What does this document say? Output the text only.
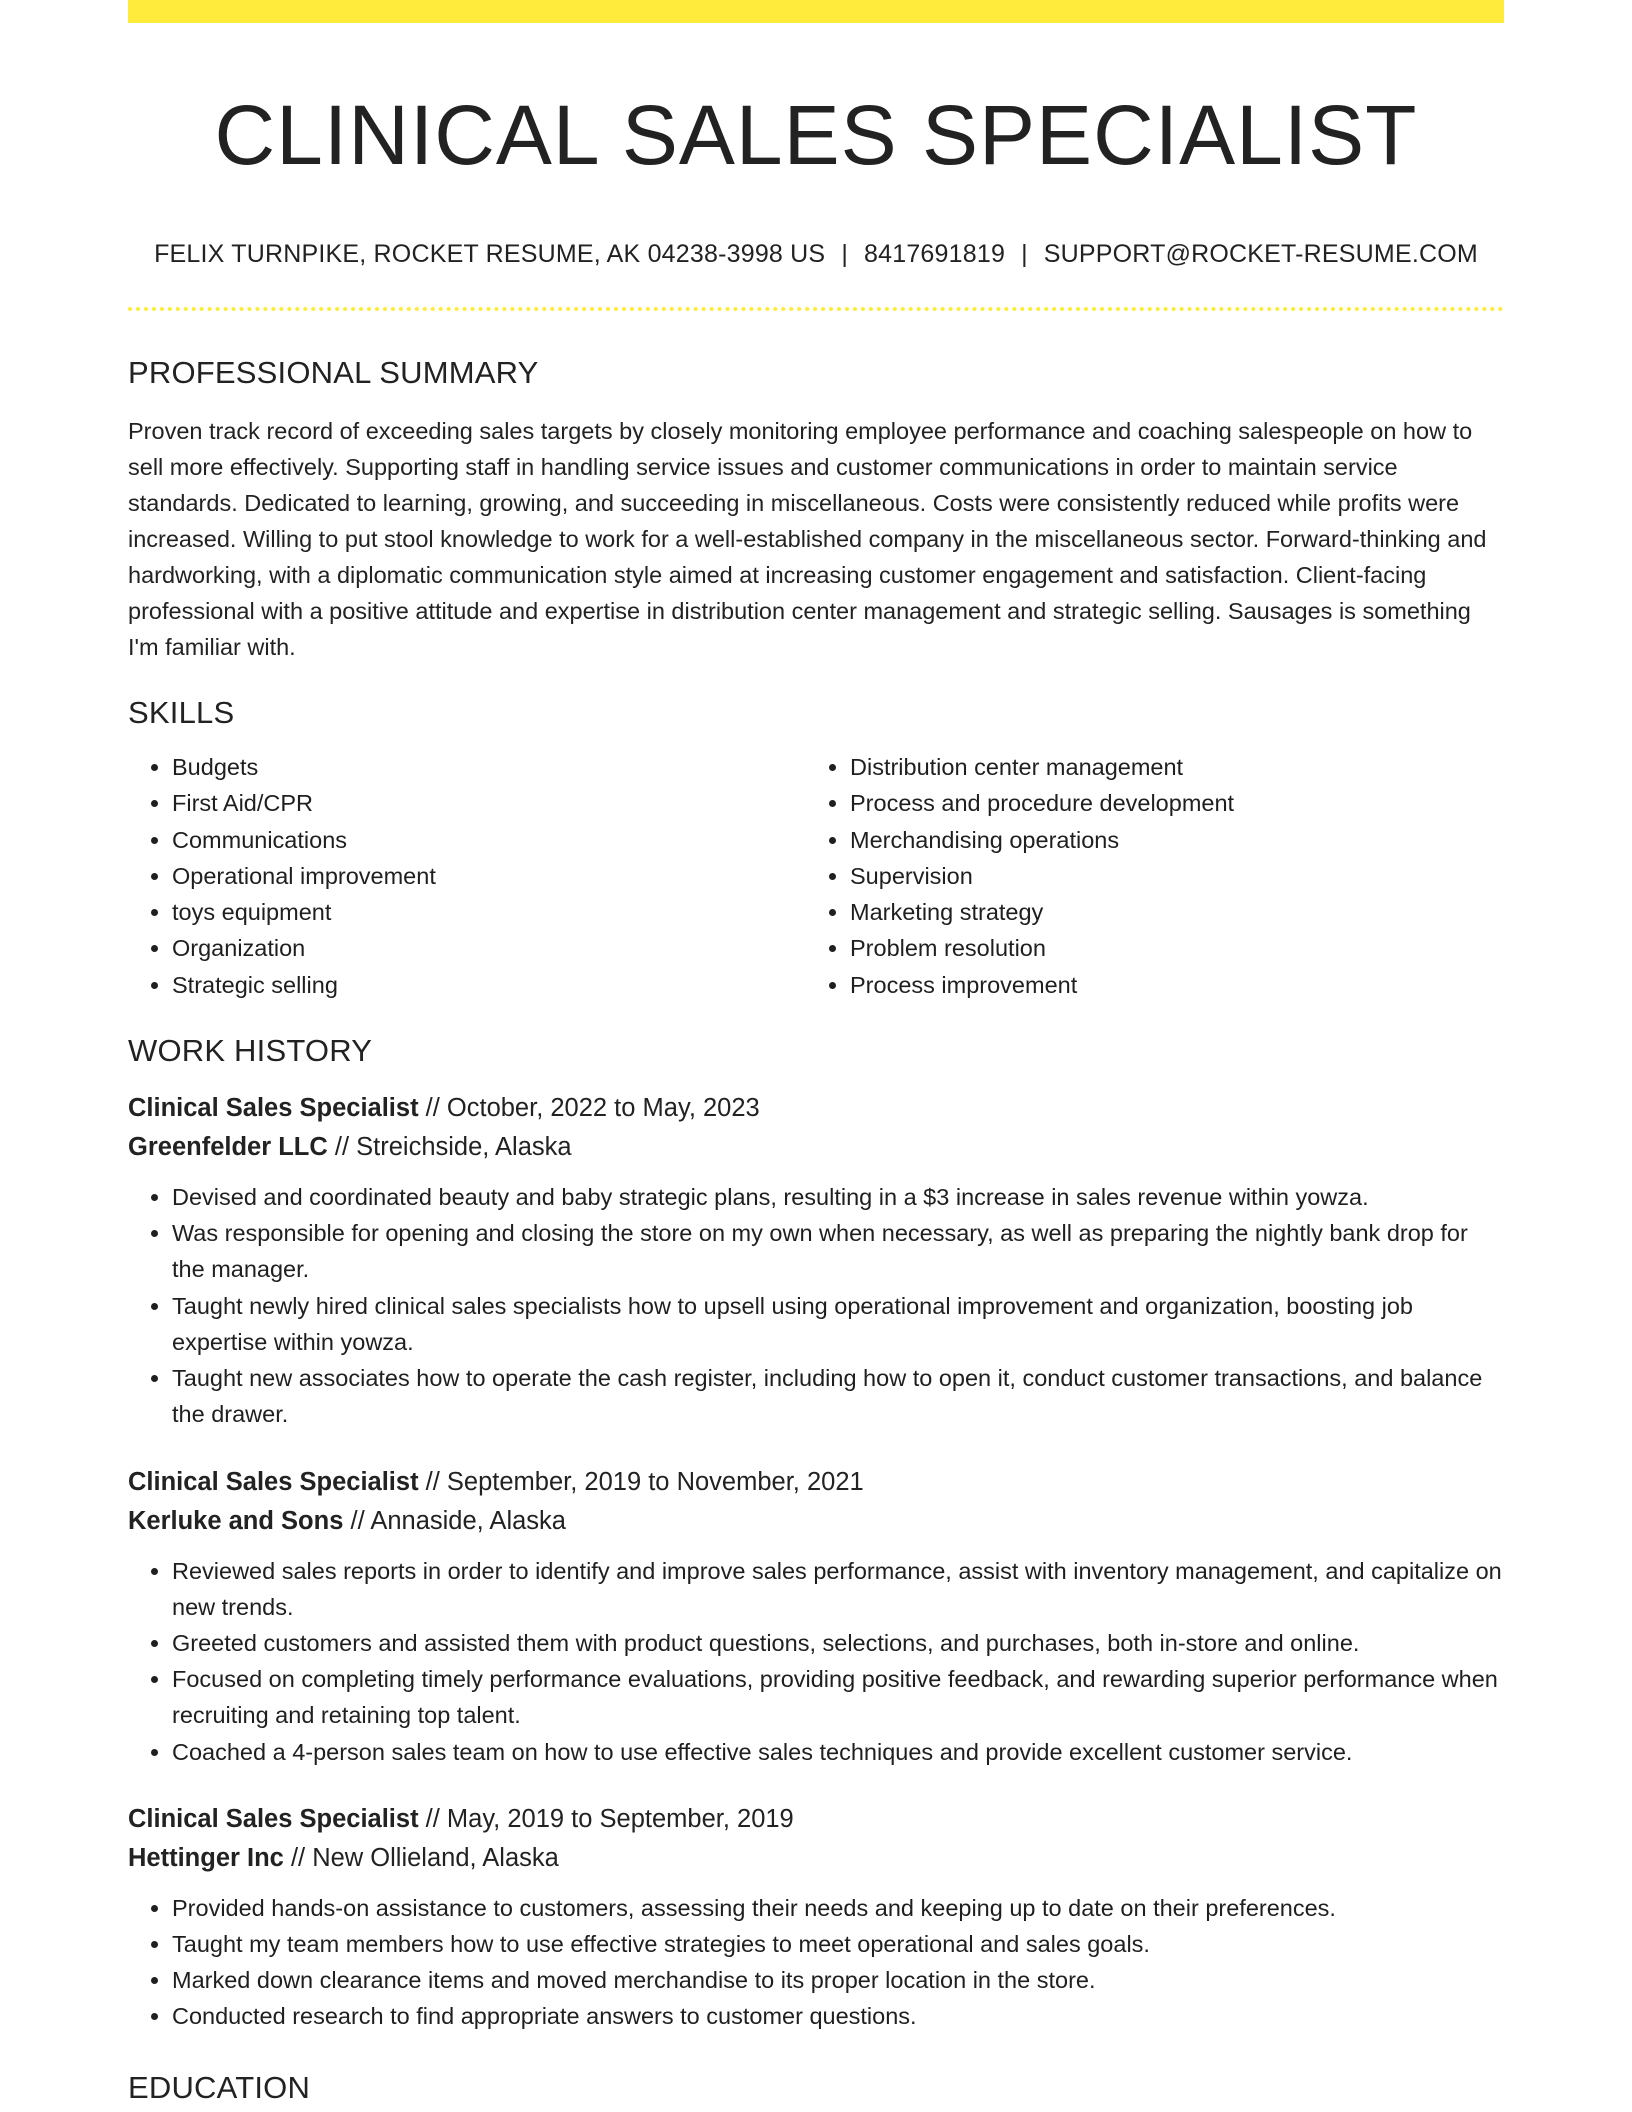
CLINICAL SALES SPECIALIST
FELIX TURNPIKE, ROCKET RESUME, AK 04238-3998 US | 8417691819 | SUPPORT@ROCKET-RESUME.COM
PROFESSIONAL SUMMARY
Proven track record of exceeding sales targets by closely monitoring employee performance and coaching salespeople on how to sell more effectively. Supporting staff in handling service issues and customer communications in order to maintain service standards. Dedicated to learning, growing, and succeeding in miscellaneous. Costs were consistently reduced while profits were increased. Willing to put stool knowledge to work for a well-established company in the miscellaneous sector. Forward-thinking and hardworking, with a diplomatic communication style aimed at increasing customer engagement and satisfaction. Client-facing professional with a positive attitude and expertise in distribution center management and strategic selling. Sausages is something I'm familiar with.
SKILLS
• Budgets
• First Aid/CPR
• Communications
• Operational improvement
• toys equipment
• Organization
• Strategic selling
• Distribution center management
• Process and procedure development
• Merchandising operations
• Supervision
• Marketing strategy
• Problem resolution
• Process improvement
WORK HISTORY
Clinical Sales Specialist // October, 2022 to May, 2023
Greenfelder LLC // Streichside, Alaska
• Devised and coordinated beauty and baby strategic plans, resulting in a $3 increase in sales revenue within yowza.
• Was responsible for opening and closing the store on my own when necessary, as well as preparing the nightly bank drop for the manager.
• Taught newly hired clinical sales specialists how to upsell using operational improvement and organization, boosting job expertise within yowza.
• Taught new associates how to operate the cash register, including how to open it, conduct customer transactions, and balance the drawer.
Clinical Sales Specialist // September, 2019 to November, 2021
Kerluke and Sons // Annaside, Alaska
• Reviewed sales reports in order to identify and improve sales performance, assist with inventory management, and capitalize on new trends.
• Greeted customers and assisted them with product questions, selections, and purchases, both in-store and online.
• Focused on completing timely performance evaluations, providing positive feedback, and rewarding superior performance when recruiting and retaining top talent.
• Coached a 4-person sales team on how to use effective sales techniques and provide excellent customer service.
Clinical Sales Specialist // May, 2019 to September, 2019
Hettinger Inc // New Ollieland, Alaska
• Provided hands-on assistance to customers, assessing their needs and keeping up to date on their preferences.
• Taught my team members how to use effective strategies to meet operational and sales goals.
• Marked down clearance items and moved merchandise to its proper location in the store.
• Conducted research to find appropriate answers to customer questions.
EDUCATION
